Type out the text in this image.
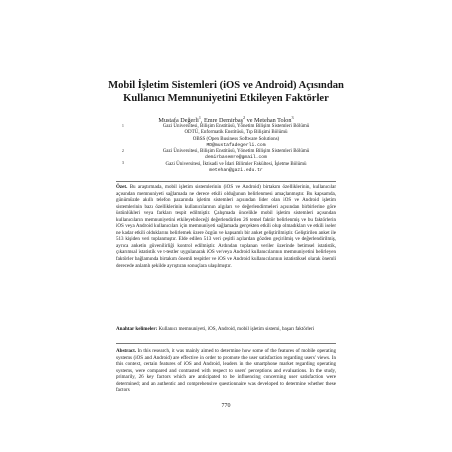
Mobil İşletim Sistemleri (iOS ve Android) Açısından
Kullanıcı Memnuniyetini Etkileyen Faktörler
Mustafa Değerli$^1$, Emre Demirbaş$^2$ ve Metehan Tolon$^3$
1	Gazi Üniversitesi, Bilişim Enstitüsü, Yönetim Bilişim Sistemleri Bölümü
ODTÜ, Enformatik Enstitüsü, Tıp Bilişimi Bölümü
OBSS (Open Business Software Solutions)
MD@mustafadegerli.com
2	Gazi Üniversitesi, Bilişim Enstitüsü, Yönetim Bilişim Sistemleri Bölümü
demirbasemre@gmail.com
3	Gazi Üniversitesi, İktisadi ve İdari Bilimler Fakültesi, İşletme Bölümü
metehan@gazi.edu.tr

Özet. Bu araştırmada, mobil işletim sistemlerinin (iOS ve Android) birtakım özelliklerinin, kullanıcılar açısından memnuniyeti sağlamada ne derece etkili olduğunun belirlenmesi amaçlanmıştır. Bu kapsamda, günümüzde akıllı telefon pazarında işletim sistemleri açısından lider olan iOS ve Android işletim sistemlerinin bazı özelliklerinin kullanıcılarının algıları ve değerlendirmeleri açısından birbirlerine göre üstünlükleri veya farkları tespit edilmiştir. Çalışmada öncelikle mobil işletim sistemleri açısından kullanıcıların memnuniyetini etkileyebileceği değerlendirilen 26 temel faktör belirlenmiş ve bu faktörlerin iOS veya Android kullanıcıları için memnuniyeti sağlamada gerçekten etkili olup olmadıkları ve etkili iseler ne kadar etkili olduklarını belirlemek üzere özgün ve kapsamlı bir anket geliştirilmiştir. Geliştirilen anket ile 513 kişiden veri toplanmıştır. Elde edilen 513 veri çeşitli açılardan gözden geçirilmiş ve değerlendirilmiş, ayrıca anketin güvenilirliği kontrol edilmiştir. Ardından toplanan veriler üzerinde betimsel istatistik, çıkarımsal istatistik ve t-testler uygulanarak iOS ve/veya Android kullanıcılarının memnuniyetini belirleyen faktörler bağlamında birtakım önemli tespitler ve iOS ve Android kullanıcılarının istatistiksel olarak önemli derecede anlamlı şekilde ayrıştıran sonuçlara ulaşılmıştır.

Anahtar kelimeler: Kullanıcı memnuniyeti, iOS, Android, mobil işletim sistemi, başarı faktörleri

Abstract. In this research, it was mainly aimed to determine how some of the features of mobile operating systems (iOS and Android) are effective in order to promote the user satisfaction regarding users' views. In this context, certain features of iOS and Android, leaders in the smartphone market regarding operating systems, were compared and contrasted with respect to users' perceptions and evaluations. In the study, primarily, 26 key factors which are anticipated to be influencing concerning user satisfaction were determined; and an authentic and comprehensive questionnaire was developed to determine whether these factors

770
